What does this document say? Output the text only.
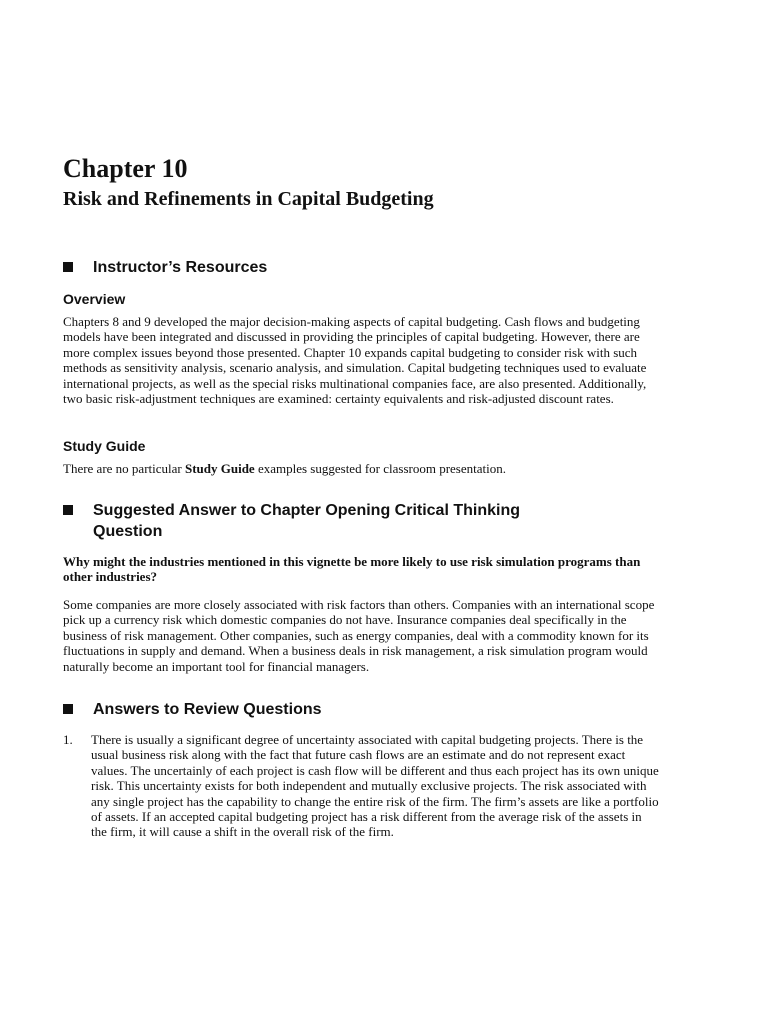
Chapter 10
Risk and Refinements in Capital Budgeting
Instructor’s Resources
Overview

Chapters 8 and 9 developed the major decision-making aspects of capital budgeting. Cash flows and budgeting models have been integrated and discussed in providing the principles of capital budgeting. However, there are more complex issues beyond those presented. Chapter 10 expands capital budgeting to consider risk with such methods as sensitivity analysis, scenario analysis, and simulation. Capital budgeting techniques used to evaluate international projects, as well as the special risks multinational companies face, are also presented. Additionally, two basic risk-adjustment techniques are examined: certainty equivalents and risk-adjusted discount rates.

Study Guide

There are no particular Study Guide examples suggested for classroom presentation.

Suggested Answer to Chapter Opening Critical Thinking Question

Why might the industries mentioned in this vignette be more likely to use risk simulation programs than other industries?

Some companies are more closely associated with risk factors than others. Companies with an international scope pick up a currency risk which domestic companies do not have. Insurance companies deal specifically in the business of risk management. Other companies, such as energy companies, deal with a commodity known for its fluctuations in supply and demand. When a business deals in risk management, a risk simulation program would naturally become an important tool for financial managers.

Answers to Review Questions
1.	There is usually a significant degree of uncertainty associated with capital budgeting projects. There is the usual business risk along with the fact that future cash flows are an estimate and do not represent exact values. The uncertainly of each project is cash flow will be different and thus each project has its own unique risk. This uncertainty exists for both independent and mutually exclusive projects. The risk associated with any single project has the capability to change the entire risk of the firm. The firm’s assets are like a portfolio of assets. If an accepted capital budgeting project has a risk different from the average risk of the assets in the firm, it will cause a shift in the overall risk of the firm.
